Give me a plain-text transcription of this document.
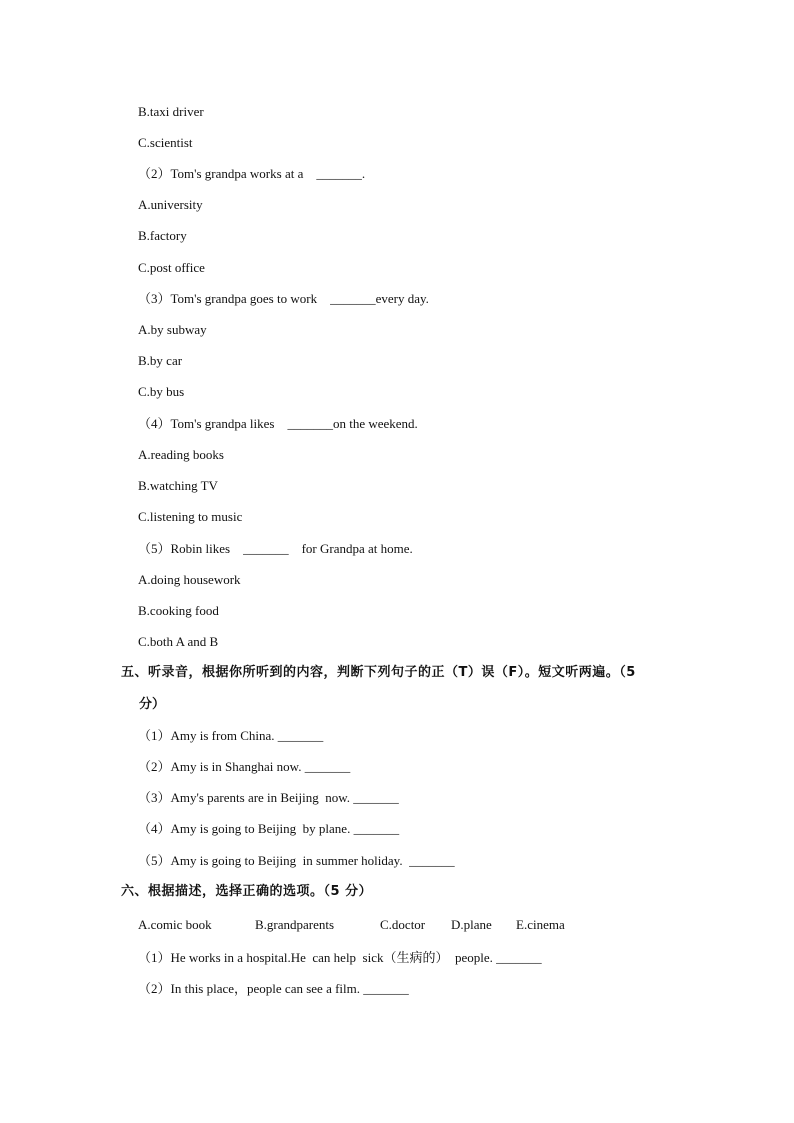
B.taxi driver
C.scientist
（2）Tom's grandpa works at a    _______.
A.university
B.factory
C.post office
（3）Tom's grandpa goes to work    _______every day.
A.by subway
B.by car
C.by bus
（4）Tom's grandpa likes    _______on the weekend.
A.reading books
B.watching TV
C.listening to music
（5）Robin likes    _______    for Grandpa at home.
A.doing housework
B.cooking food
C.both A and B
五、听录音，根据你所听到的内容，判断下列句子的正（T）误（F）。短文听两遍。（5
分）
（1）Amy is from China. _______
（2）Amy is in Shanghai now. _______
（3）Amy's parents are in Beijing  now. _______
（4）Amy is going to Beijing  by plane. _______
（5）Amy is going to Beijing  in summer holiday.  _______
六、根据描述，选择正确的选项。（5 分）
A.comic book	B.grandparents	C.doctor	D.plane	E.cinema
（1）He works in a hospital.He  can help  sick（生病的）  people. _______
（2）In this place，people can see a film. _______
